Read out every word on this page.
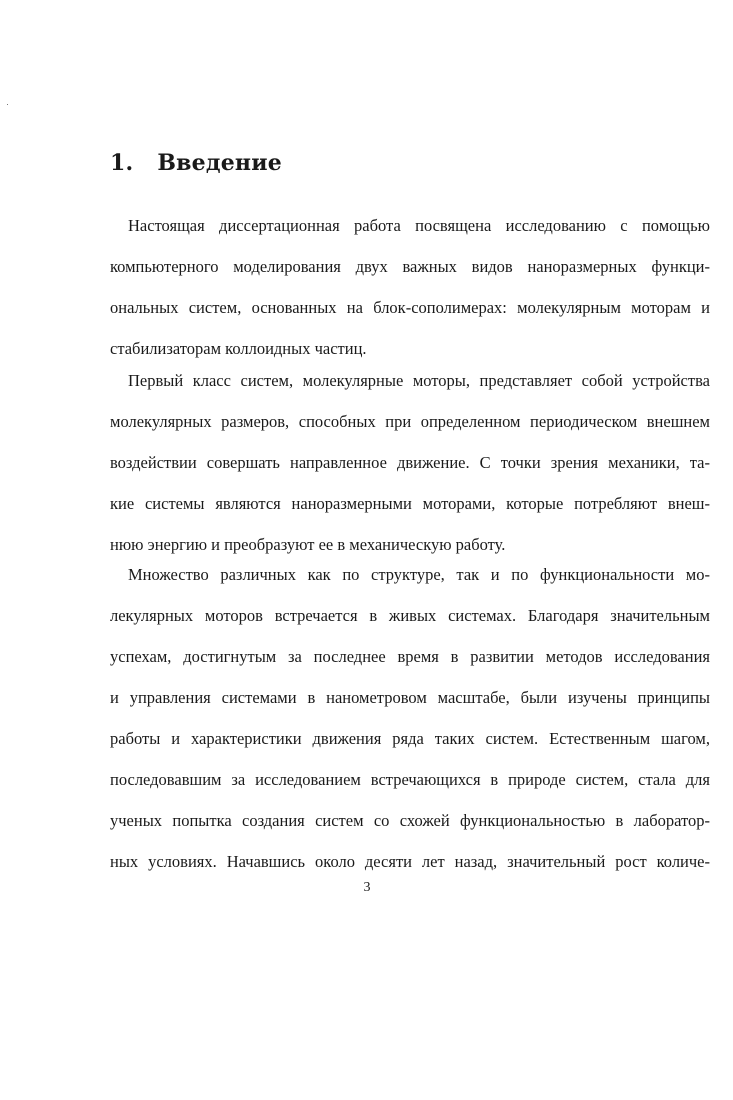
1. Введение
Настоящая диссертационная работа посвящена исследованию с помощью
компьютерного моделирования двух важных видов наноразмерных функци-
ональных систем, основанных на блок-сополимерах: молекулярным моторам и
стабилизаторам коллоидных частиц.
Первый класс систем, молекулярные моторы, представляет собой устройства
молекулярных размеров, способных при определенном периодическом внешнем
воздействии совершать направленное движение. С точки зрения механики, та-
кие системы являются наноразмерными моторами, которые потребляют внеш-
нюю энергию и преобразуют ее в механическую работу.
Множество различных как по структуре, так и по функциональности мо-
лекулярных моторов встречается в живых системах. Благодаря значительным
успехам, достигнутым за последнее время в развитии методов исследования
и управления системами в нанометровом масштабе, были изучены принципы
работы и характеристики движения ряда таких систем. Естественным шагом,
последовавшим за исследованием встречающихся в природе систем, стала для
ученых попытка создания систем со схожей функциональностью в лаборатор-
ных условиях. Начавшись около десяти лет назад, значительный рост количе-
3
